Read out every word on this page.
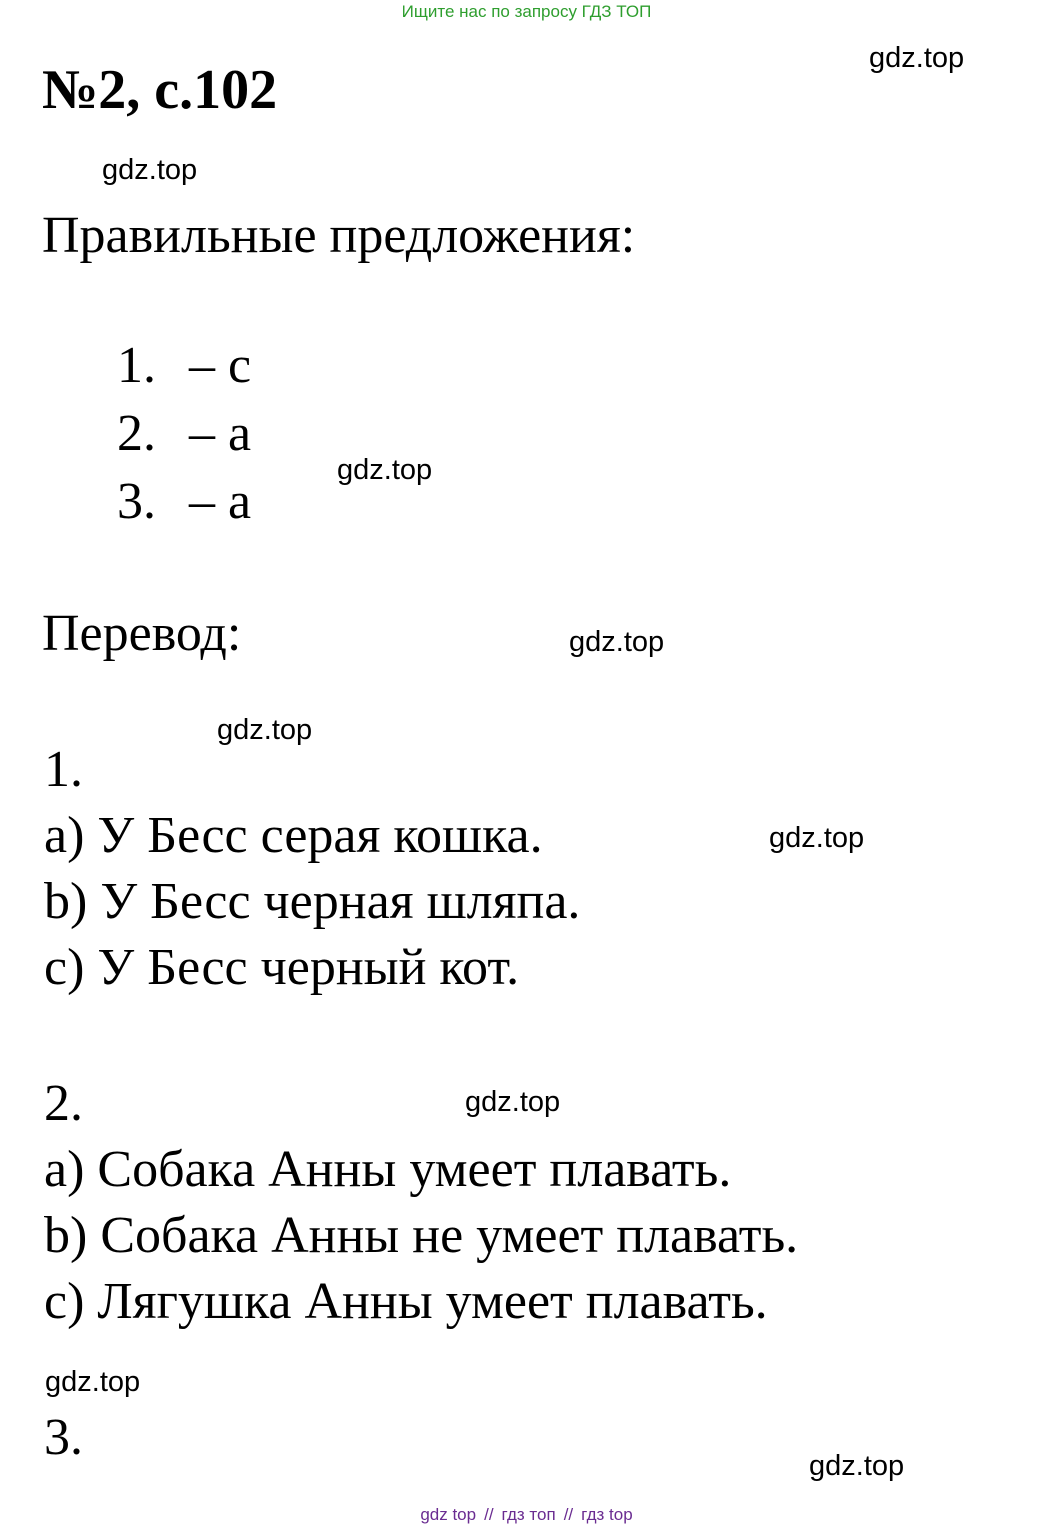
Ищите нас по запросу ГДЗ ТОП
№2, с.102
Правильные предложения:
1. – c
2. – a
3. – a
Перевод:
1.
a) У Бесс серая кошка.
b) У Бесс черная шляпа.
c) У Бесс черный кот.
2.
a) Собака Анны умеет плавать.
b) Собака Анны не умеет плавать.
c) Лягушка Анны умеет плавать.
3.
gdz.top
gdz.top
gdz.top
gdz.top
gdz.top
gdz.top
gdz.top
gdz.top
gdz.top
gdz top // гдз топ // гдз top
